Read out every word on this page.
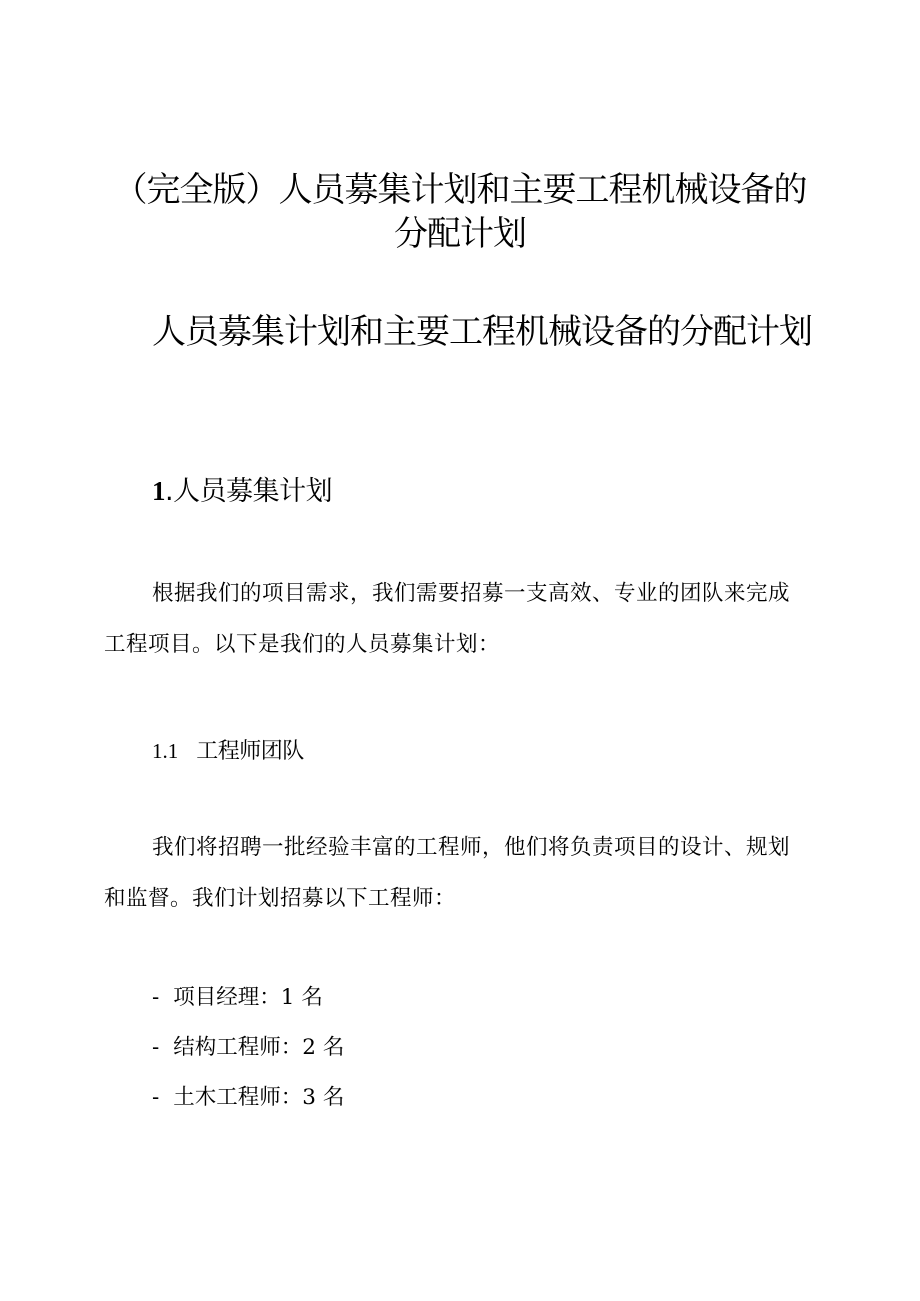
（完全版）人员募集计划和主要工程机械设备的分配计划
人员募集计划和主要工程机械设备的分配计划
1.人员募集计划
根据我们的项目需求，我们需要招募一支高效、专业的团队来完成工程项目。以下是我们的人员募集计划：
1.1 工程师团队
我们将招聘一批经验丰富的工程师，他们将负责项目的设计、规划和监督。我们计划招募以下工程师：
- 项目经理：1 名
- 结构工程师：2 名
- 土木工程师：3 名
